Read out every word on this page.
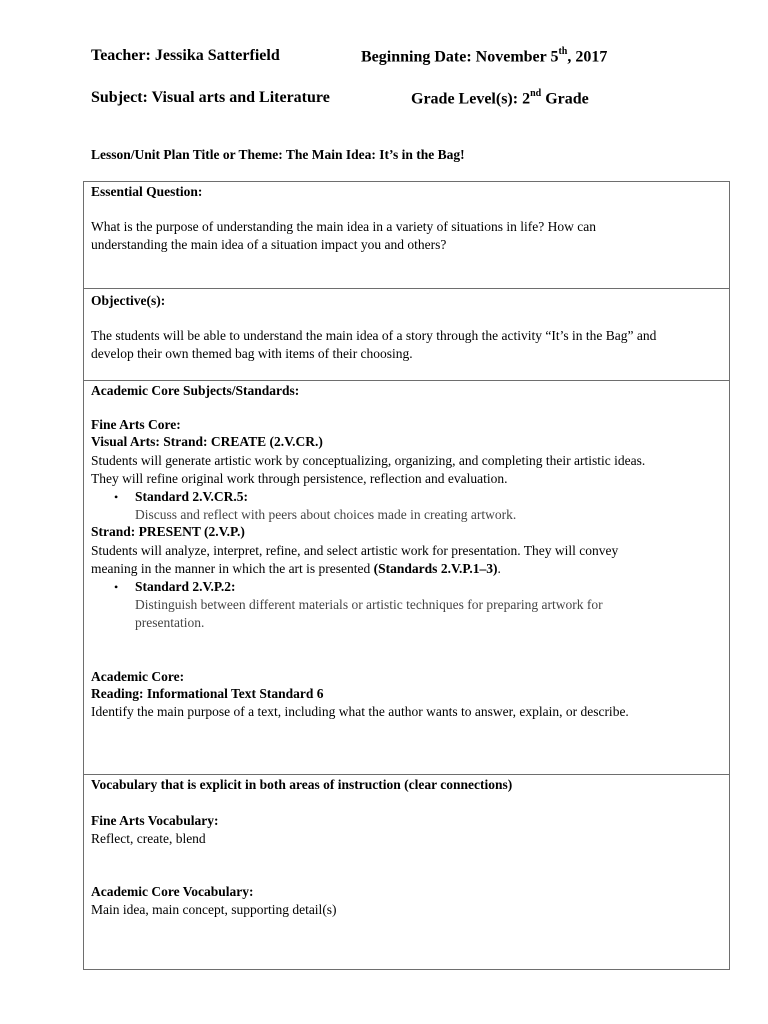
Teacher: Jessika Satterfield	Beginning Date: November 5th, 2017
Subject: Visual arts and Literature	Grade Level(s): 2nd Grade
Lesson/Unit Plan Title or Theme: The Main Idea: It’s in the Bag!
Essential Question:
What is the purpose of understanding the main idea in a variety of situations in life? How can
understanding the main idea of a situation impact you and others?
Objective(s):
The students will be able to understand the main idea of a story through the activity “It’s in the Bag” and
develop their own themed bag with items of their choosing.
Academic Core Subjects/Standards:
Fine Arts Core:
Visual Arts: Strand: CREATE (2.V.CR.)
Students will generate artistic work by conceptualizing, organizing, and completing their artistic ideas.
They will refine original work through persistence, reflection and evaluation.
• Standard 2.V.CR.5:
Discuss and reflect with peers about choices made in creating artwork.
Strand: PRESENT (2.V.P.)
Students will analyze, interpret, refine, and select artistic work for presentation. They will convey
meaning in the manner in which the art is presented (Standards 2.V.P.1–3).
• Standard 2.V.P.2:
Distinguish between different materials or artistic techniques for preparing artwork for
presentation.
Academic Core:
Reading: Informational Text Standard 6
Identify the main purpose of a text, including what the author wants to answer, explain, or describe.
Vocabulary that is explicit in both areas of instruction (clear connections)
Fine Arts Vocabulary:
Reflect, create, blend
Academic Core Vocabulary:
Main idea, main concept, supporting detail(s)
